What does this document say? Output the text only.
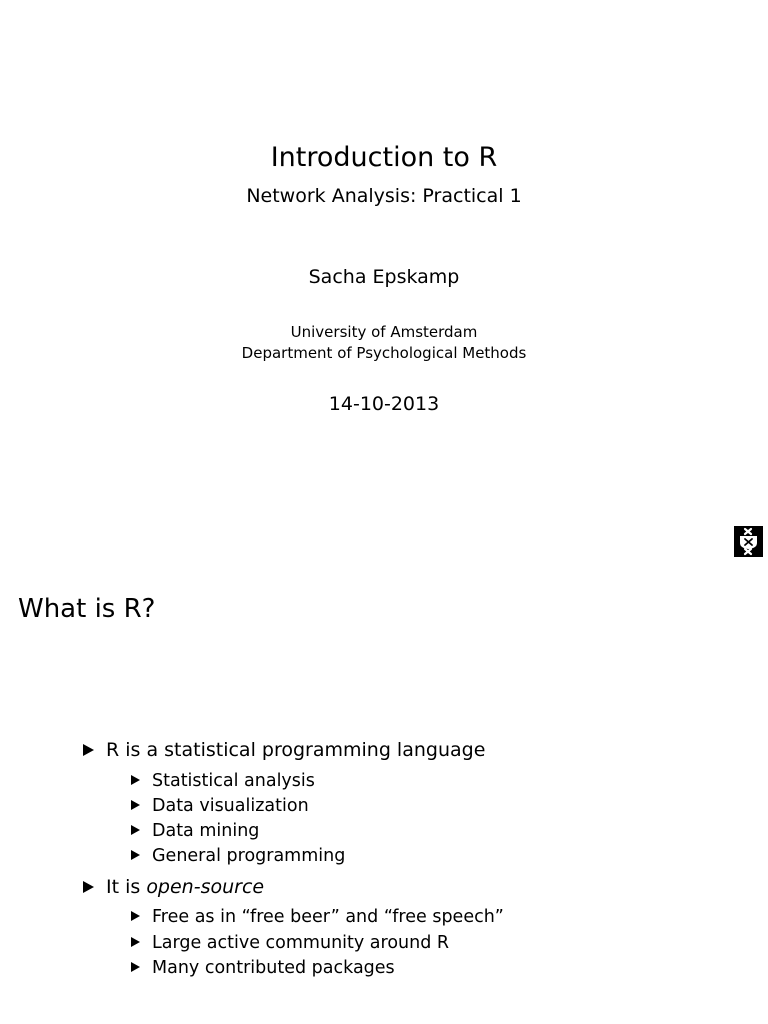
Introduction to R
Network Analysis: Practical 1
Sacha Epskamp
University of Amsterdam
Department of Psychological Methods
14-10-2013
What is R?
R is a statistical programming language
Statistical analysis
Data visualization
Data mining
General programming
It is open-source
Free as in “free beer” and “free speech”
Large active community around R
Many contributed packages
